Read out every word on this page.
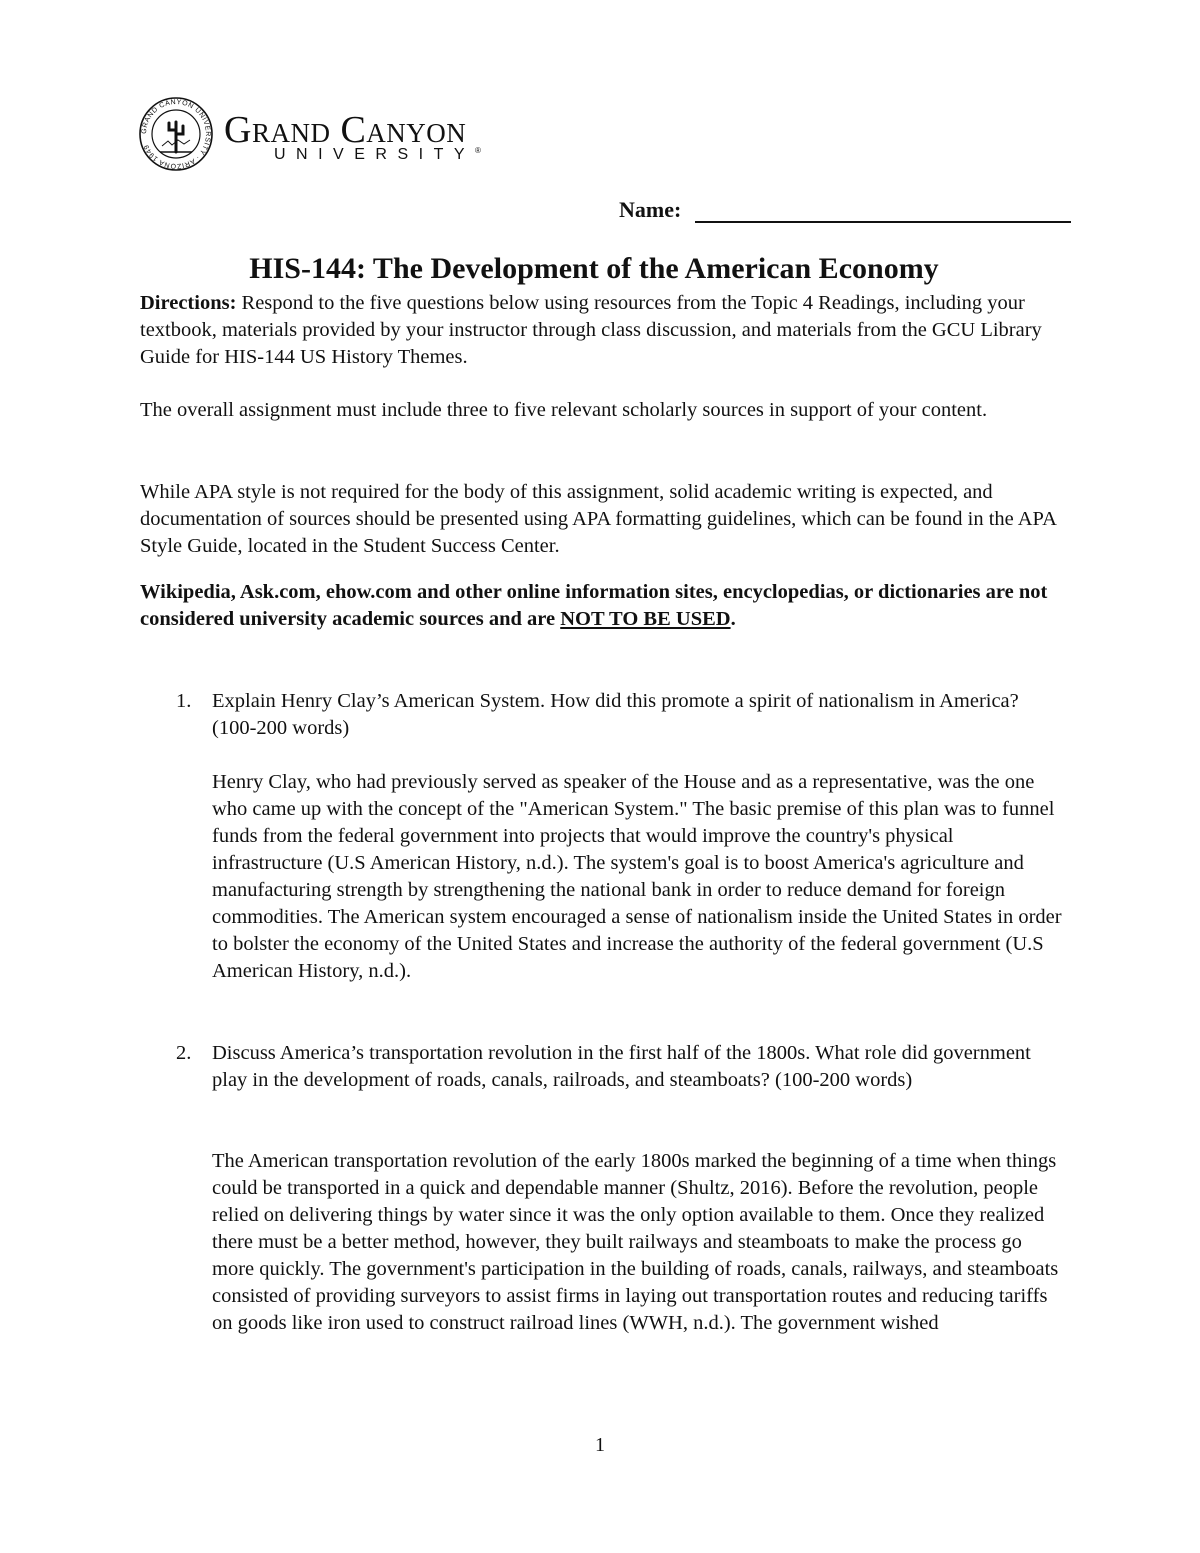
GRAND CANYON UNIVERSITY · ARIZONA 1949	Grand Canyon
UNIVERSITY®
Name:
HIS-144: The Development of the American Economy
Directions: Respond to the five questions below using resources from the Topic 4 Readings, including your textbook, materials provided by your instructor through class discussion, and materials from the GCU Library Guide for HIS-144 US History Themes.
The overall assignment must include three to five relevant scholarly sources in support of your content.
While APA style is not required for the body of this assignment, solid academic writing is expected, and documentation of sources should be presented using APA formatting guidelines, which can be found in the APA Style Guide, located in the Student Success Center.
Wikipedia, Ask.com, ehow.com and other online information sites, encyclopedias, or dictionaries are not considered university academic sources and are NOT TO BE USED.
1. Explain Henry Clay’s American System. How did this promote a spirit of nationalism in America? (100-200 words)
Henry Clay, who had previously served as speaker of the House and as a representative, was the one who came up with the concept of the "American System." The basic premise of this plan was to funnel funds from the federal government into projects that would improve the country's physical infrastructure (U.S American History, n.d.). The system's goal is to boost America's agriculture and manufacturing strength by strengthening the national bank in order to reduce demand for foreign commodities. The American system encouraged a sense of nationalism inside the United States in order to bolster the economy of the United States and increase the authority of the federal government (U.S American History, n.d.).
2. Discuss America’s transportation revolution in the first half of the 1800s. What role did government play in the development of roads, canals, railroads, and steamboats? (100-200 words)
The American transportation revolution of the early 1800s marked the beginning of a time when things could be transported in a quick and dependable manner (Shultz, 2016). Before the revolution, people relied on delivering things by water since it was the only option available to them. Once they realized there must be a better method, however, they built railways and steamboats to make the process go more quickly. The government's participation in the building of roads, canals, railways, and steamboats consisted of providing surveyors to assist firms in laying out transportation routes and reducing tariffs on goods like iron used to construct railroad lines (WWH, n.d.). The government wished
1
